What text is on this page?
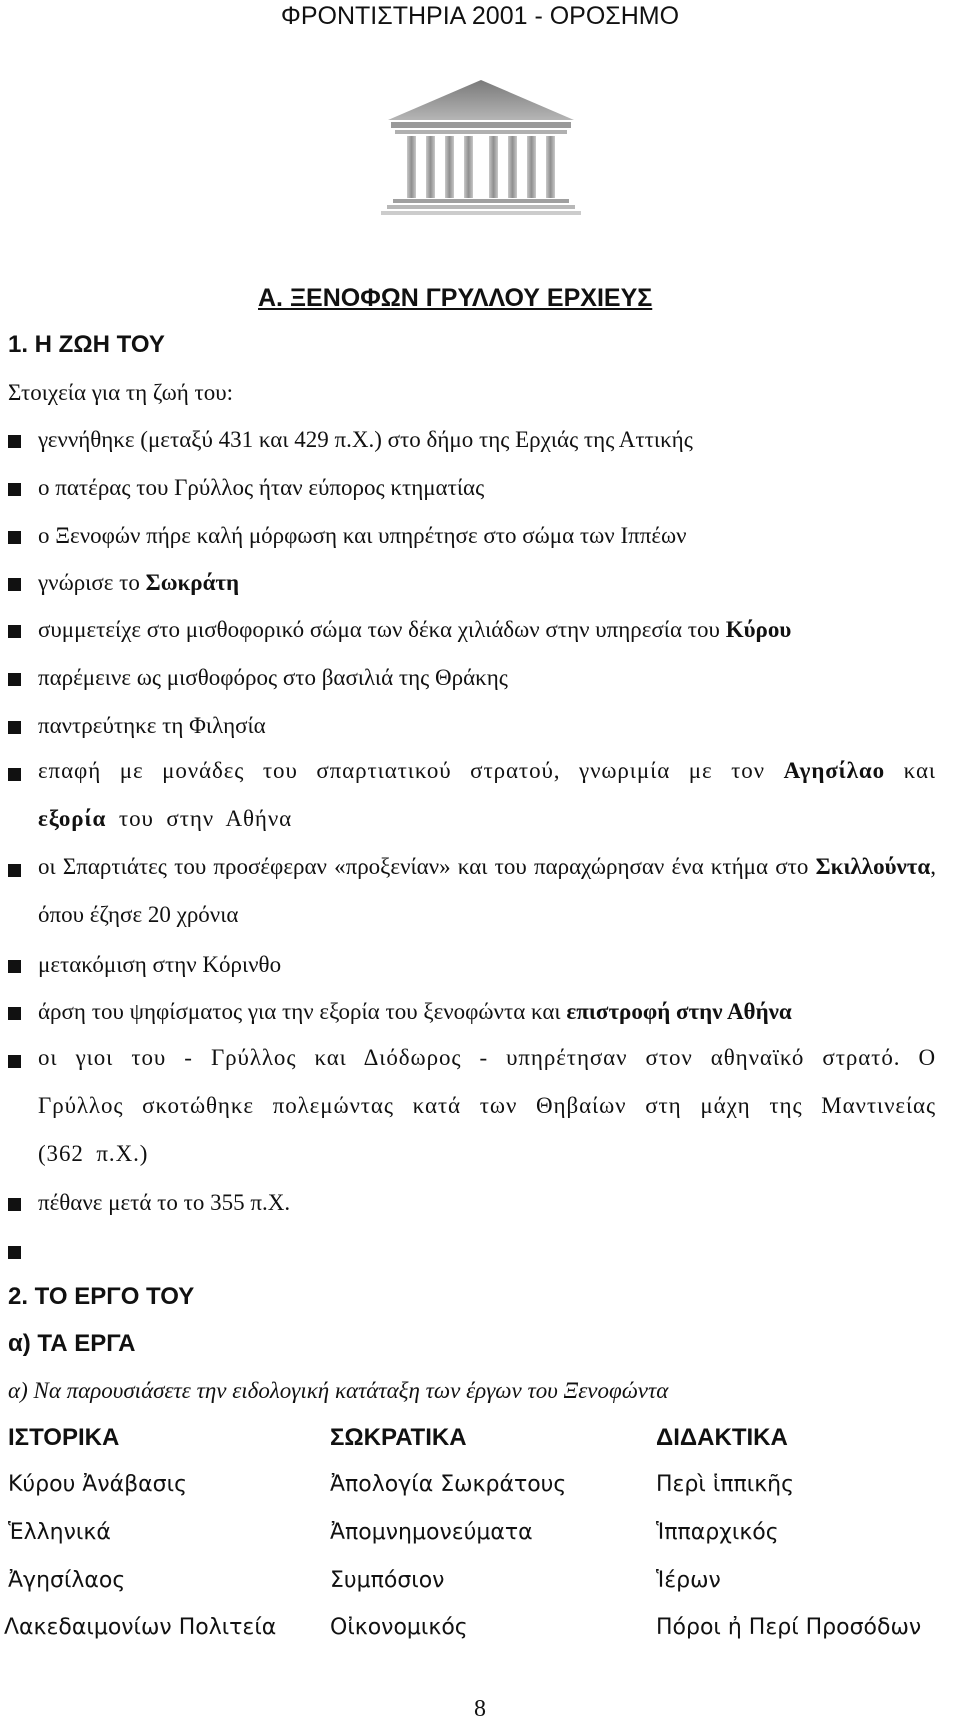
ΦΡΟΝΤΙΣΤΗΡΙΑ 2001 - ΟΡΟΣΗΜΟ
Α. ΞΕΝΟΦΩΝ ΓΡΥΛΛΟΥ ΕΡΧΙΕΥΣ
1. Η ΖΩΗ ΤΟΥ
Στοιχεία για τη ζωή του:
γεννήθηκε (μεταξύ 431 και 429 π.Χ.) στο δήμο της Ερχιάς της Αττικής
ο πατέρας του Γρύλλος ήταν εύπορος κτηματίας
ο Ξενοφών πήρε καλή μόρφωση και υπηρέτησε στο σώμα των Ιππέων
γνώρισε το Σωκράτη
συμμετείχε στο μισθοφορικό σώμα των δέκα χιλιάδων στην υπηρεσία του Κύρου
παρέμεινε ως μισθοφόρος στο βασιλιά της Θράκης
παντρεύτηκε τη Φιλησία
επαφή με μονάδες του σπαρτιατικού στρατού, γνωριμία με τον Αγησίλαο και εξορία του στην Αθήνα
οι Σπαρτιάτες του προσέφεραν «προξενίαν» και του παραχώρησαν ένα κτήμα στο Σκιλλούντα, όπου έζησε 20 χρόνια
μετακόμιση στην Κόρινθο
άρση του ψηφίσματος για την εξορία του ξενοφώντα και επιστροφή στην Αθήνα
οι γιοι του - Γρύλλος και Διόδωρος - υπηρέτησαν στον αθηναϊκό στρατό. Ο Γρύλλος σκοτώθηκε πολεμώντας κατά των Θηβαίων στη μάχη της Μαντινείας (362 π.Χ.)
πέθανε μετά το το 355 π.Χ.
2. ΤΟ ΕΡΓΟ ΤΟΥ
α) ΤΑ ΕΡΓΑ
α) Να παρουσιάσετε την ειδολογική κατάταξη των έργων του Ξενοφώντα
ΙΣΤΟΡΙΚΑ	ΣΩΚΡΑΤΙΚΑ	ΔΙΔΑΚΤΙΚΑ
Κύρου Ἀνάβασις
Ἑλληνικά
Ἀγησίλαος
Λακεδαιμονίων Πολιτεία
Ἀπολογία Σωκράτους
Ἀπομνημονεύματα
Συμπόσιον
Οἰκονομικός
Περὶ ἱππικῆς
Ἱππαρχικός
Ἱέρων
Πόροι ἠ Περί Προσόδων
8
